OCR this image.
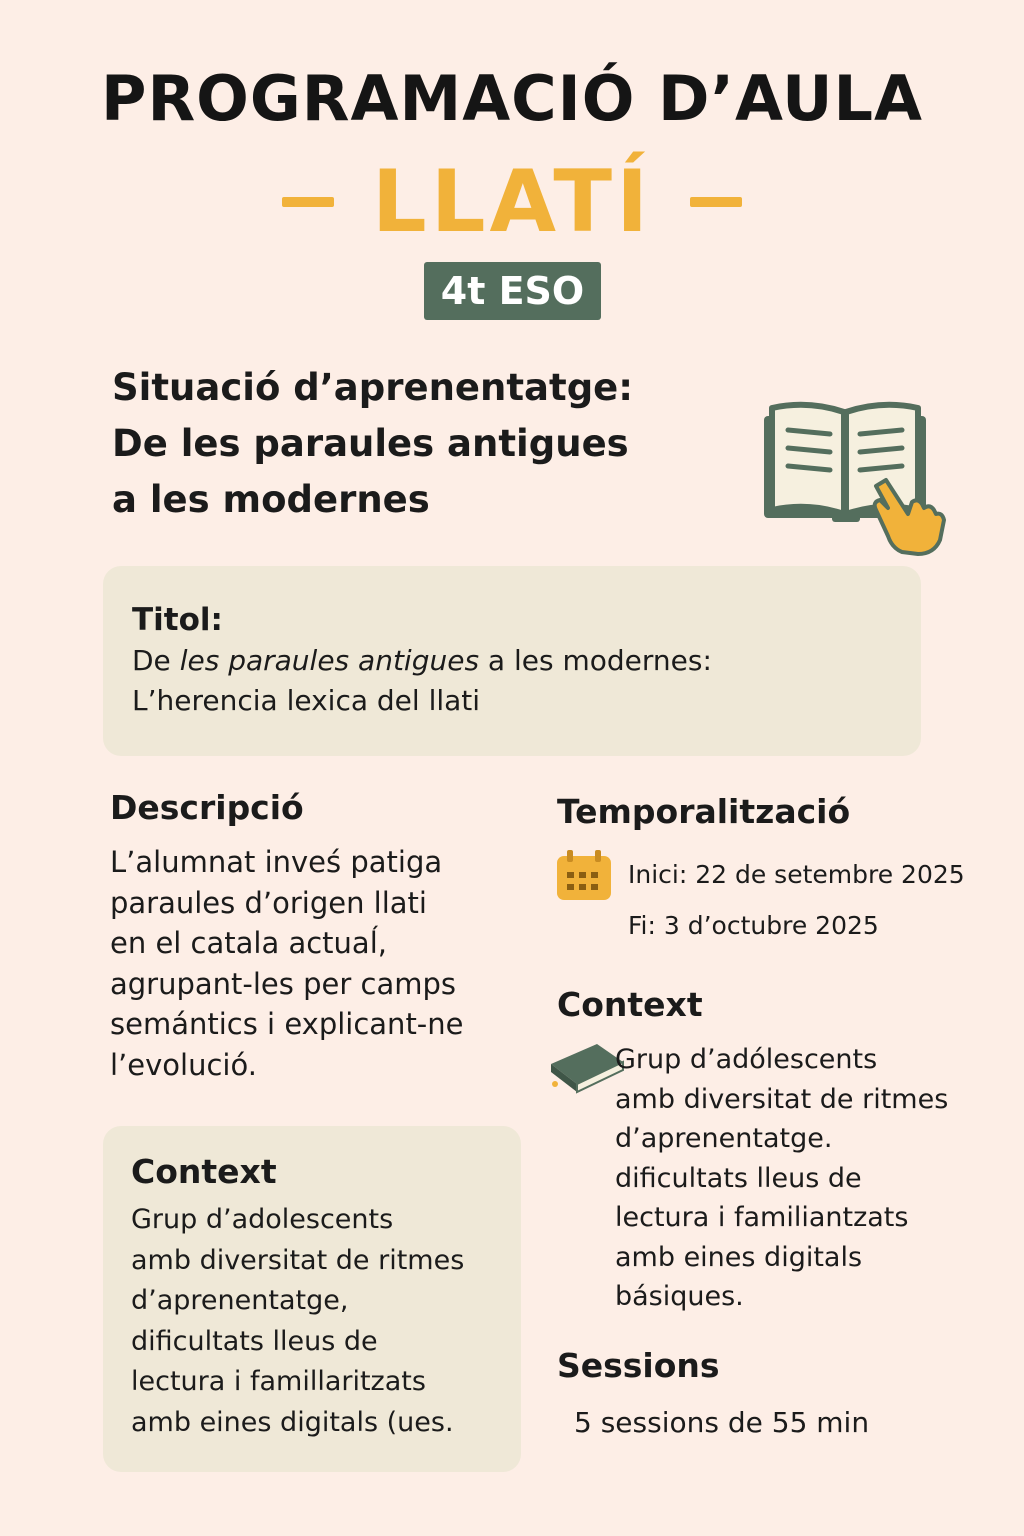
PROGRAMACIÓ D’AULA
LLATÍ
4t ESO
Situació d’aprenentatge:
De les paraules antigues
a les modernes
Titol:
De les paraules antigues a les modernes:
L’herencia lexica del llati
Descripció
L’alumnat inveś patiga
paraules d’origen llati
en el catala actuaĺ,
agrupant-les per camps
semántics i explicant-ne
l’evolució.
Context
Grup d’adolescents
amb diversitat de ritmes
d’aprenentatge,
dificultats lleus de
lectura i famillaritzats
amb eines digitals (ues.
Temporalització
Inici: 22 de setembre 2025
Fi: 3 d’octubre 2025
Context
Grup d’adólescents
amb diversitat de ritmes
d’aprenentatge.
dificultats lleus de
lectura i familiantzats
amb eines digitals
básiques.
Sessions
5 sessions de 55 min
